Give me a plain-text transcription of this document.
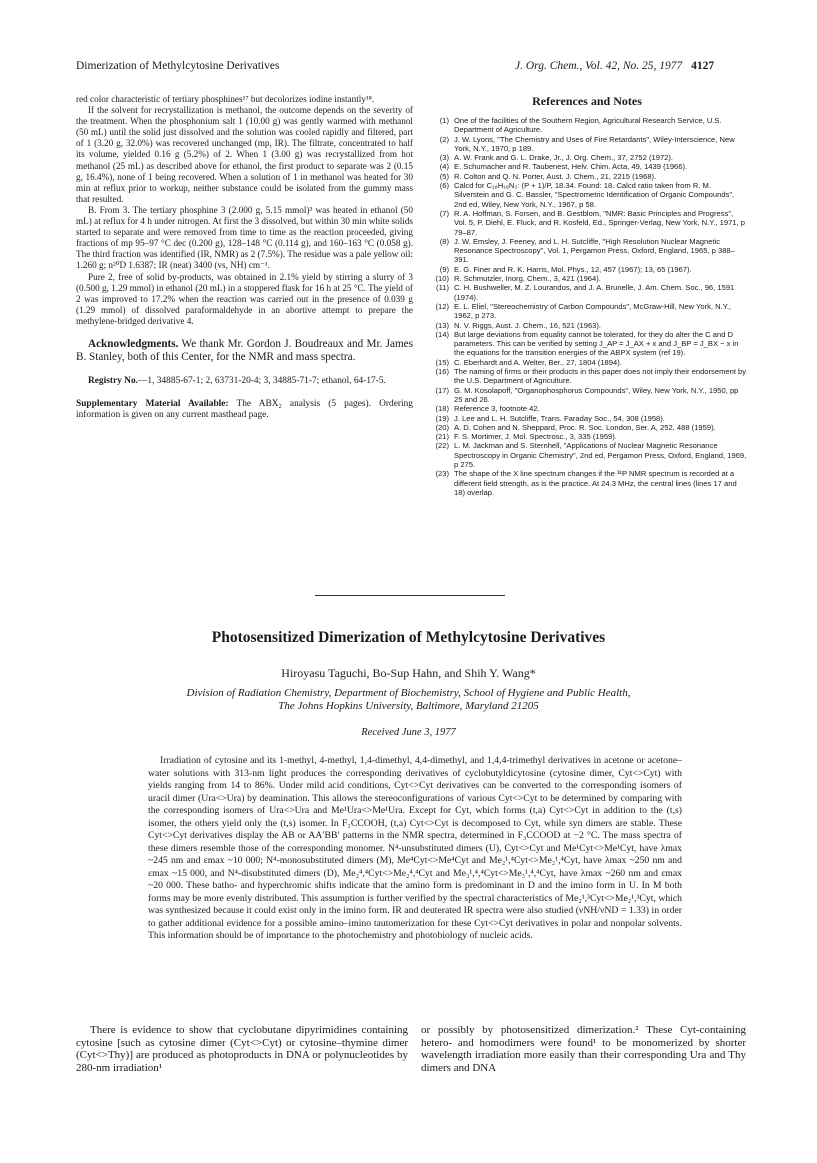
Dimerization of Methylcytosine Derivatives	J. Org. Chem., Vol. 42, No. 25, 1977 4127

red color characteristic of tertiary phosphines¹⁷ but decolorizes iodine instantly¹⁸.

If the solvent for recrystallization is methanol, the outcome depends on the severity of the treatment. When the phosphonium salt 1 (10.00 g) was gently warmed with methanol (50 mL) until the solid just dissolved and the solution was cooled rapidly and filtered, part of 1 (3.20 g, 32.0%) was recovered unchanged (mp, IR). The filtrate, concentrated to half its volume, yielded 0.16 g (5.2%) of 2. When 1 (3.00 g) was recrystallized from hot methanol (25 mL) as described above for ethanol, the first product to separate was 2 (0.15 g, 16.4%), none of 1 being recovered. When a solution of 1 in methanol was heated for 30 min at reflux prior to workup, neither substance could be isolated from the gummy mass that resulted.

B. From 3. The tertiary phosphine 3 (2.000 g, 5.15 mmol)³ was heated in ethanol (50 mL) at reflux for 4 h under nitrogen. At first the 3 dissolved, but within 30 min white solids started to separate and were removed from time to time as the reaction proceeded, giving fractions of mp 95–97 °C dec (0.200 g), 128–148 °C (0.114 g), and 160–163 °C (0.058 g). The third fraction was identified (IR, NMR) as 2 (7.5%). The residue was a pale yellow oil: 1.260 g; n²⁰D 1.6387; IR (neat) 3400 (vs, NH) cm⁻¹.

Pure 2, free of solid by-products, was obtained in 2.1% yield by stirring a slurry of 3 (0.500 g, 1.29 mmol) in ethanol (20 mL) in a stoppered flask for 16 h at 25 °C. The yield of 2 was improved to 17.2% when the reaction was carried out in the presence of 0.039 g (1.29 mmol) of dissolved paraformaldehyde in an abortive attempt to prepare the methylene-bridged derivative 4.

Acknowledgments. We thank Mr. Gordon J. Boudreaux and Mr. James B. Stanley, both of this Center, for the NMR and mass spectra.

Registry No.—1, 34885-67-1; 2, 63731-20-4; 3, 34885-71-7; ethanol, 64-17-5.

Supplementary Material Available: The ABX₂ analysis (5 pages). Ordering information is given on any current masthead page.

References and Notes
(1) One of the facilities of the Southern Region, Agricultural Research Service, U.S. Department of Agriculture.
(2) J. W. Lyons, "The Chemistry and Uses of Fire Retardants", Wiley-Interscience, New York, N.Y., 1970, p 189.
(3) A. W. Frank and G. L. Drake, Jr., J. Org. Chem., 37, 2752 (1972).
(4) E. Schumacher and R. Taubenest, Helv. Chim. Acta, 49, 1439 (1966).
(5) R. Colton and Q. N. Porter, Aust. J. Chem., 21, 2215 (1968).
(6) Calcd for C₁₈H₁₈N₂: (P + 1)/P, 18.34. Found: 18. Calcd ratio taken from R. M. Silverstein and G. C. Bassler, "Spectrometric Identification of Organic Compounds", 2nd ed, Wiley, New York, N.Y., 1967, p 58.
(7) R. A. Hoffman, S. Forsen, and B. Gestblom, "NMR: Basic Principles and Progress", Vol. 5, P. Diehl, E. Fluck, and R. Kosfeld, Ed., Springer-Verlag, New York, N.Y., 1971, p 79–87.
(8) J. W. Emsley, J. Feeney, and L. H. Sutcliffe, "High Resolution Nuclear Magnetic Resonance Spectroscopy", Vol. 1, Pergamon Press, Oxford, England, 1965, p 388–391.
(9) E. G. Finer and R. K. Harris, Mol. Phys., 12, 457 (1967); 13, 65 (1967).
(10) R. Schmutzler, Inorg. Chem., 3, 421 (1964).
(11) C. H. Bushweller, M. Z. Lourandos, and J. A. Brunelle, J. Am. Chem. Soc., 96, 1591 (1974).
(12) E. L. Eliel, "Stereochemistry of Carbon Compounds", McGraw-Hill, New York, N.Y., 1962, p 273.
(13) N. V. Riggs, Aust. J. Chem., 16, 521 (1963).
(14) But large deviations from equality cannot be tolerated, for they do alter the C and D parameters. This can be verified by setting J_AP = J_AX + x and J_BP = J_BX − x in the equations for the transition energies of the ABPX system (ref 19).
(15) C. Eberhardt and A. Welter, Ber., 27, 1804 (1894).
(16) The naming of firms or their products in this paper does not imply their endorsement by the U.S. Department of Agriculture.
(17) G. M. Kosolapoff, "Organophosphorus Compounds", Wiley, New York, N.Y., 1950, pp 25 and 26.
(18) Reference 3, footnote 42.
(19) J. Lee and L. H. Sutcliffe, Trans. Faraday Soc., 54, 308 (1958).
(20) A. D. Cohen and N. Sheppard, Proc. R. Soc. London, Ser. A, 252, 488 (1959).
(21) F. S. Mortimer, J. Mol. Spectrosc., 3, 335 (1959).
(22) L. M. Jackman and S. Sternhell, "Applications of Nuclear Magnetic Resonance Spectroscopy in Organic Chemistry", 2nd ed, Pergamon Press, Oxford, England, 1969, p 275.
(23) The shape of the X line spectrum changes if the ³¹P NMR spectrum is recorded at a different field strength, as is the practice. At 24.3 MHz, the central lines (lines 17 and 18) overlap.
Photosensitized Dimerization of Methylcytosine Derivatives
Hiroyasu Taguchi, Bo-Sup Hahn, and Shih Y. Wang*
Division of Radiation Chemistry, Department of Biochemistry, School of Hygiene and Public Health,
The Johns Hopkins University, Baltimore, Maryland 21205
Received June 3, 1977
Irradiation of cytosine and its 1-methyl, 4-methyl, 1,4-dimethyl, 4,4-dimethyl, and 1,4,4-trimethyl derivatives in acetone or acetone–water solutions with 313-nm light produces the corresponding derivatives of cyclobutyldicytosine (cytosine dimer, Cyt<>Cyt) with yields ranging from 14 to 86%. Under mild acid conditions, Cyt<>Cyt derivatives can be converted to the corresponding isomers of uracil dimer (Ura<>Ura) by deamination. This allows the stereoconfigurations of various Cyt<>Cyt to be determined by comparing with the corresponding isomers of Ura<>Ura and Me¹Ura<>Me¹Ura. Except for Cyt, which forms (t,a) Cyt<>Cyt in addition to the (t,s) isomer, the others yield only the (t,s) isomer. In F₃CCOOH, (t,a) Cyt<>Cyt is decomposed to Cyt, while syn dimers are stable. These Cyt<>Cyt derivatives display the AB or AA′BB′ patterns in the NMR spectra, determined in F₃CCOOD at −2 °C. The mass spectra of these dimers resemble those of the corresponding monomer. N⁴-unsubstituted dimers (U), Cyt<>Cyt and Me¹Cyt<>Me¹Cyt, have λmax ~245 nm and εmax ~10 000; N⁴-monosubstituted dimers (M), Me⁴Cyt<>Me⁴Cyt and Me₂¹,⁴Cyt<>Me₂¹,⁴Cyt, have λmax ~250 nm and εmax ~15 000, and N⁴-disubstituted dimers (D), Me₂⁴,⁴Cyt<>Me₂⁴,⁴Cyt and Me₃¹,⁴,⁴Cyt<>Me₃¹,⁴,⁴Cyt, have λmax ~260 nm and εmax ~20 000. These batho- and hyperchromic shifts indicate that the amino form is predominant in D and the imino form in U. In M both forms may be more evenly distributed. This assumption is further verified by the spectral characteristics of Me₂¹,³Cyt<>Me₂¹,³Cyt, which was synthesized because it could exist only in the imino form. IR and deuterated IR spectra were also studied (νNH/νND = 1.33) in order to gather additional evidence for a possible amino–imino tautomerization for these Cyt<>Cyt derivatives in polar and nonpolar solvents. This information should be of importance to the photochemistry and photobiology of nucleic acids.
There is evidence to show that cyclobutane dipyrimidines containing cytosine [such as cytosine dimer (Cyt<>Cyt) or cytosine–thymine dimer (Cyt<>Thy)] are produced as photoproducts in DNA or polynucleotides by 280-nm irradiation¹
or possibly by photosensitized dimerization.² These Cyt-containing hetero- and homodimers were found¹ to be monomerized by shorter wavelength irradiation more easily than their corresponding Ura and Thy dimers and DNA
